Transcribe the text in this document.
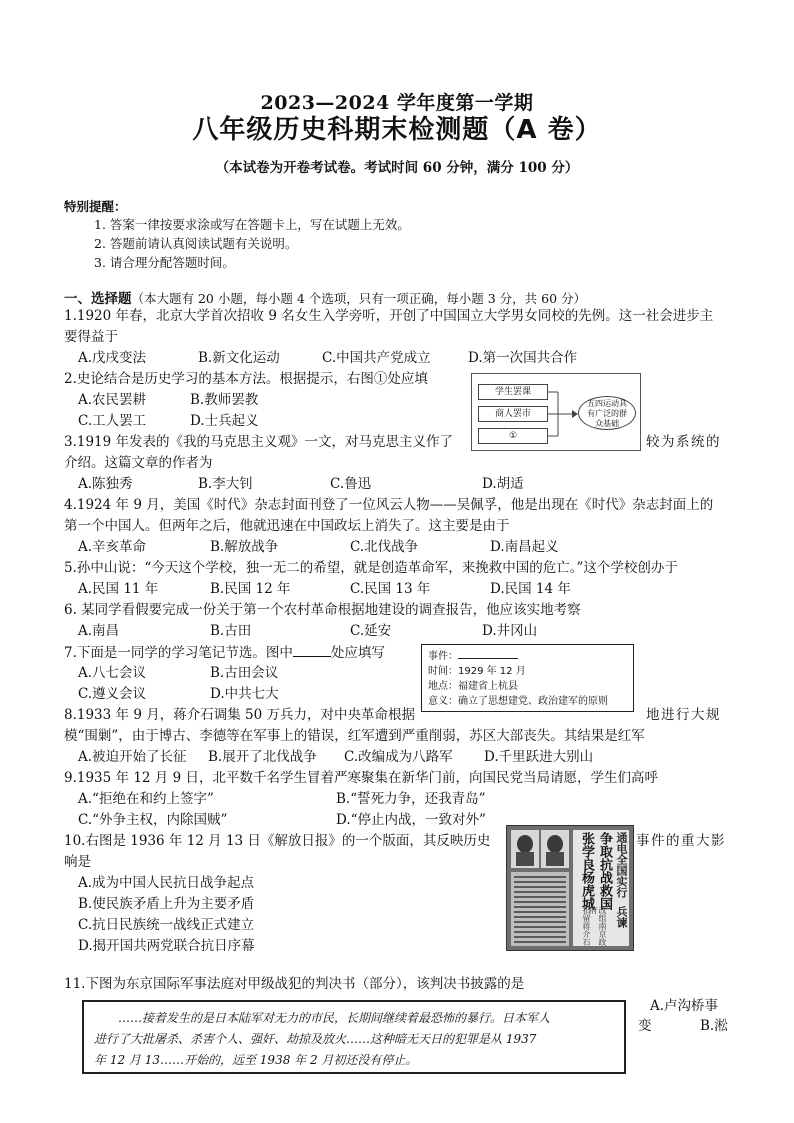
2023—2024 学年度第一学期
八年级历史科期末检测题（A 卷）
（本试卷为开卷考试卷。考试时间 60 分钟，满分 100 分）
特别提醒：
1. 答案一律按要求涂或写在答题卡上，写在试题上无效。
2. 答题前请认真阅读试题有关说明。
3. 请合理分配答题时间。
一、选择题（本大题有 20 小题，每小题 4 个选项，只有一项正确，每小题 3 分，共 60 分）
1.1920 年春，北京大学首次招收 9 名女生入学旁听，开创了中国国立大学男女同校的先例。这一社会进步主
要得益于
A.戊戌变法	B.新文化运动	C.中国共产党成立	D.第一次国共合作
2.史论结合是历史学习的基本方法。根据提示，右图①处应填
A.农民罢耕	B.教师罢教
C.工人罢工	D.士兵起义
学生罢课
商人罢市
①
五四运动具
有广泛的群
众基础
3.1919 年发表的《我的马克思主义观》一文，对马克思主义作了	较为系统的
介绍。这篇文章的作者为
A.陈独秀	B.李大钊	C.鲁迅	D.胡适
4.1924 年 9 月，美国《时代》杂志封面刊登了一位风云人物——吴佩孚，他是出现在《时代》杂志封面上的
第一个中国人。但两年之后，他就迅速在中国政坛上消失了。这主要是由于
A.辛亥革命	B.解放战争	C.北伐战争	D.南昌起义
5.孙中山说：“今天这个学校，独一无二的希望，就是创造革命军，来挽救中国的危亡。”这个学校创办于
A.民国 11 年	B.民国 12 年	C.民国 13 年	D.民国 14 年
6. 某同学看假要完成一份关于第一个农村革命根据地建设的调查报告，他应该实地考察
A.南昌	B.古田	C.延安	D.井冈山
7.下面是一同学的学习笔记节选。图中	处应填写
A.八七会议	B.古田会议
C.遵义会议	D.中共七大
事件：
时间：1929 年 12 月
地点：福建省上杭县
意义：确立了思想建党、政治建军的原则
8.1933 年 9 月，蒋介石调集 50 万兵力，对中央革命根据	地进行大规
模“围剿”，由于博古、李德等在军事上的错误，红军遭到严重削弱，苏区大部丧失。其结果是红军
A.被迫开始了长征 B.展开了北伐战争 C.改编成为八路军 D.千里跃进大别山
9.1935 年 12 月 9 日，北平数千名学生冒着严寒聚集在新华门前，向国民党当局请愿，学生们高呼
A.“拒绝在和约上签字”	B.“誓死力争，还我青岛”
C.“外争主权，内除国贼”	D.“停止内战，一致对外”
10.右图是 1936 年 12 月 13 日《解放日报》的一个版面，其反映历史	事件的重大影
响是
A.成为中国人民抗日战争起点
B.使民族矛盾上升为主要矛盾
C.抗日民族统一战线正式建立
D.揭开国共两党联合抗日序幕
张学良杨虎城 争取抗战救国 通电全国实行
兵谏
扣留蒋介石 改组南京政府
11.下图为东京国际军事法庭对甲级战犯的判决书（部分），该判决书披露的是
……接着发生的是日本陆军对无力的市民，长期间继续着最恐怖的暴行。日本军人
进行了大批屠杀、杀害个人、强奸、劫掠及放火……这种暗无天日的犯罪是从 1937
年 12 月 13……开始的，远至 1938 年 2 月初还没有停止。
A.卢沟桥事
变	B.淞
